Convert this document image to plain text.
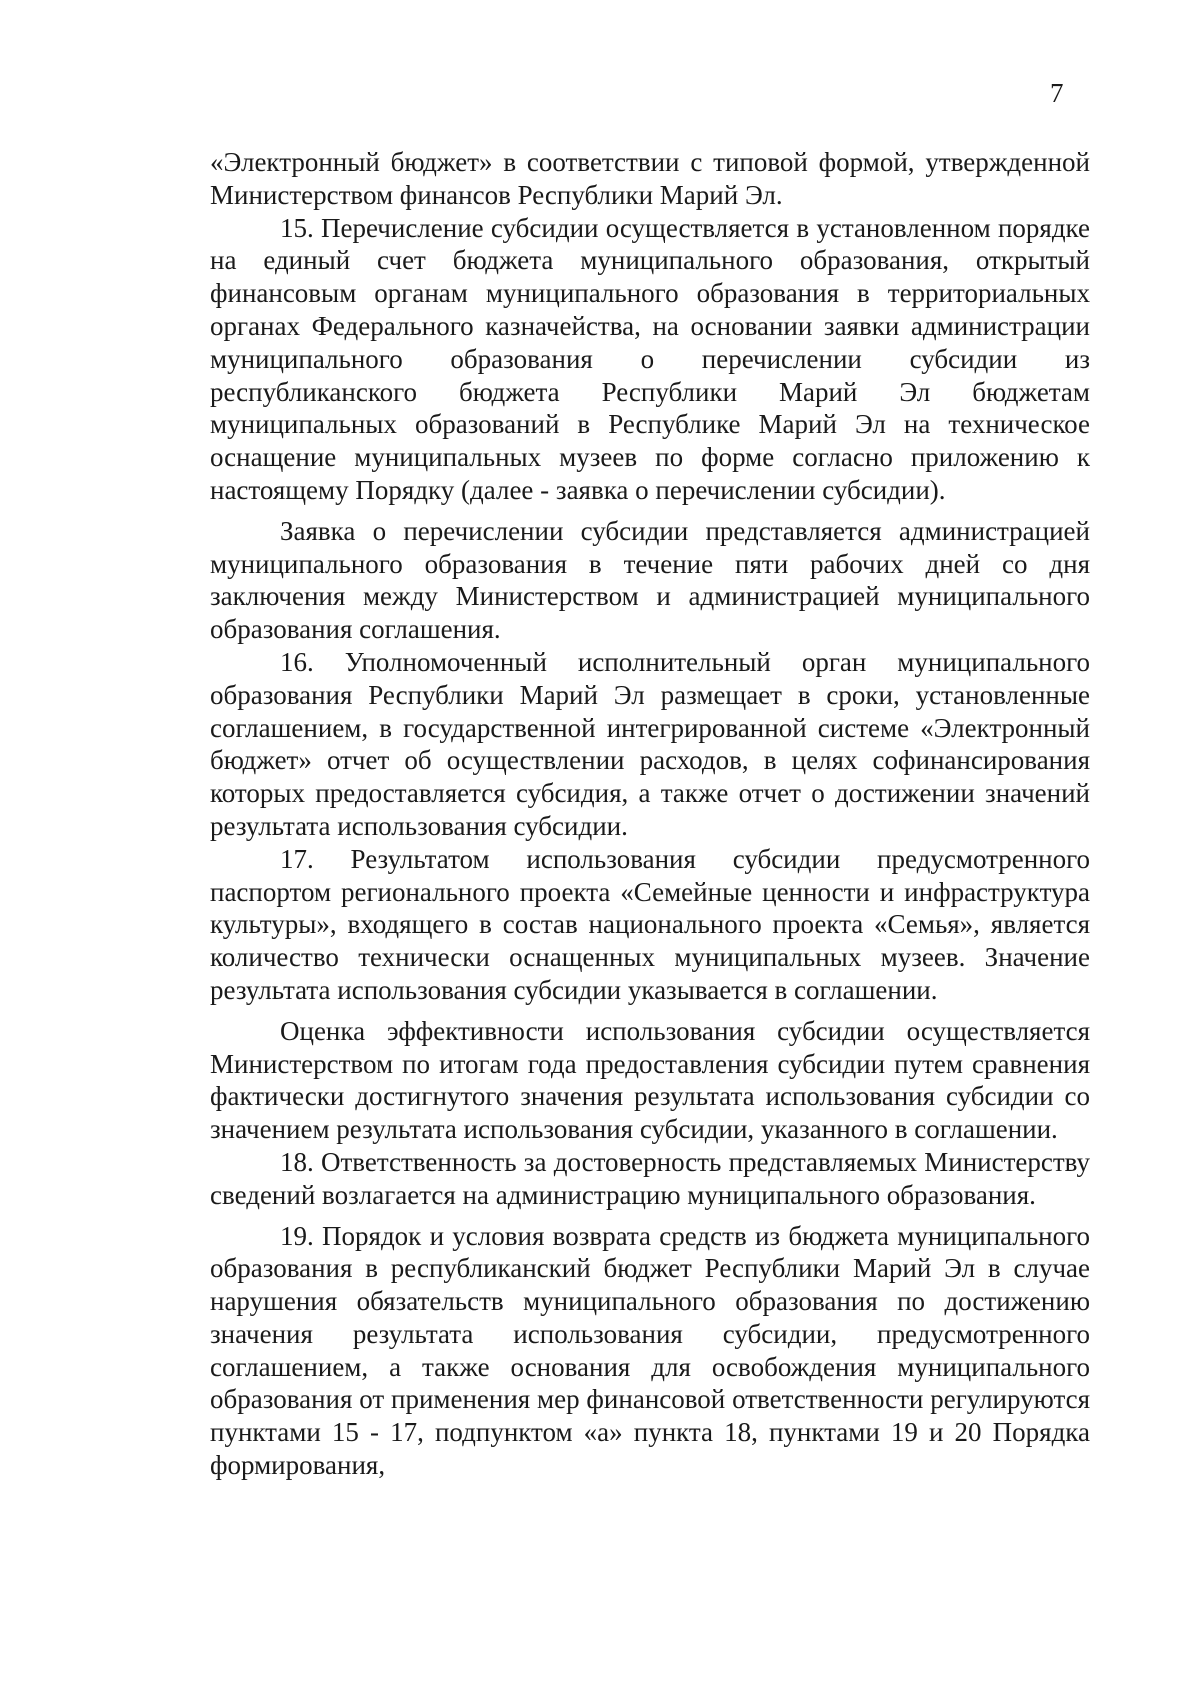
7

«Электронный бюджет» в соответствии с типовой формой, утвержденной Министерством финансов Республики Марий Эл.

15. Перечисление субсидии осуществляется в установленном порядке на единый счет бюджета муниципального образования, открытый финансовым органам муниципального образования в территориальных органах Федерального казначейства, на основании заявки администрации муниципального образования о перечислении субсидии из республиканского бюджета Республики Марий Эл бюджетам муниципальных образований в Республике Марий Эл на техническое оснащение муниципальных музеев по форме согласно приложению к настоящему Порядку (далее - заявка о перечислении субсидии).

Заявка о перечислении субсидии представляется администрацией муниципального образования в течение пяти рабочих дней со дня заключения между Министерством и администрацией муниципального образования соглашения.

16. Уполномоченный исполнительный орган муниципального образования Республики Марий Эл размещает в сроки, установленные соглашением, в государственной интегрированной системе «Электронный бюджет» отчет об осуществлении расходов, в целях софинансирования которых предоставляется субсидия, а также отчет о достижении значений результата использования субсидии.

17. Результатом использования субсидии предусмотренного паспортом регионального проекта «Семейные ценности и инфраструктура культуры», входящего в состав национального проекта «Семья», является количество технически оснащенных муниципальных музеев. Значение результата использования субсидии указывается в соглашении.

Оценка эффективности использования субсидии осуществляется Министерством по итогам года предоставления субсидии путем сравнения фактически достигнутого значения результата использования субсидии со значением результата использования субсидии, указанного в соглашении.

18. Ответственность за достоверность представляемых Министерству сведений возлагается на администрацию муниципального образования.

19. Порядок и условия возврата средств из бюджета муниципального образования в республиканский бюджет Республики Марий Эл в случае нарушения обязательств муниципального образования по достижению значения результата использования субсидии, предусмотренного соглашением, а также основания для освобождения муниципального образования от применения мер финансовой ответственности регулируются пунктами 15 - 17, подпунктом «а» пункта 18, пунктами 19 и 20 Порядка формирования,
